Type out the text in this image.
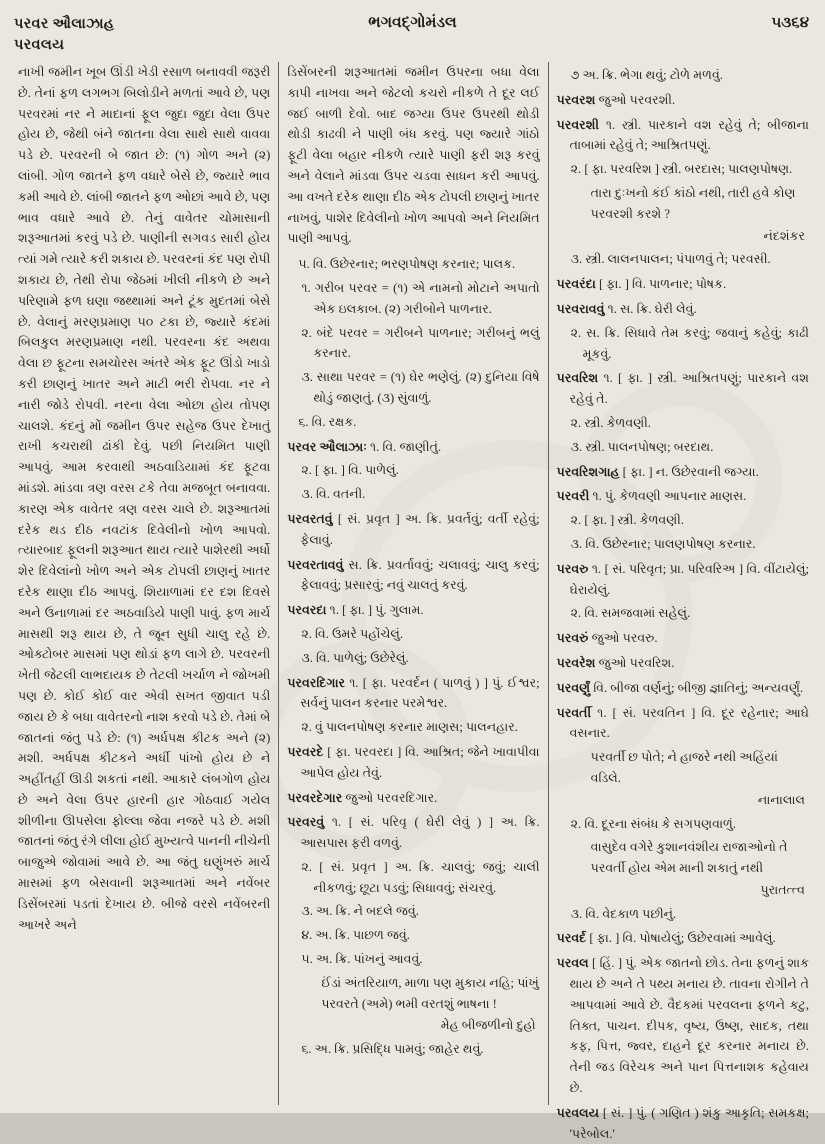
પરવર ઔલાઝાહ
પરવલય
ભગવદ્ગોમંડલ	૫૩૬૪

નાખી જમીન ખૂબ ઊંડી ખેડી રસાળ બનાવવી જરૂરી છે. તેનાં ફળ લગભગ બિલોડીને મળતાં આવે છે, પણ પરવરમાં નર ને માદાનાં ફૂલ જુદા જુદા વેલા ઉપર હોય છે, જેથી બંને જાતના વેલા સાથે સાથે વાવવા પડે છે. પરવરની બે જાત છે: (૧) ગોળ અને (૨) લાંબી. ગોળ જાતને ફળ વધારે બેસે છે, જ્યારે ભાવ કમી આવે છે. લાંબી જાતને ફળ ઓછાં આવે છે, પણ ભાવ વધારે આવે છે. તેનું વાવેતર ચોમાસાની શરૂઆતમાં કરવું પડે છે. પાણીની સગવડ સારી હોય ત્યાં ગમે ત્યારે કરી શકાય છે. પરવરનાં કંદ પણ રોપી શકાય છે, તેથી રોપા જેઠમાં ખીલી નીકળે છે અને પરિણામે ફળ ઘણા જથ્થામાં અને ટૂંક મુદતમાં બેસે છે. વેલાનું મરણપ્રમાણ ૫૦ ટકા છે, જ્યારે કંદમાં બિલકુલ મરણપ્રમાણ નથી. પરવરના કંદ અથવા વેલા છ ફૂટના સમચોરસ અંતરે એક ફૂટ ઊંડો ખાડો કરી છાણનું ખાતર અને માટી ભરી રોપવા. નર ને નારી જોડે રોપવી. નરના વેલા ઓછા હોય તોપણ ચાલશે. કંદનું મોં જમીન ઉપર સહેજ ઉપર દેખાતું રાખી કચરાથી ઢાંકી દેવું. પછી નિયમિત પાણી આપવું. આમ કરવાથી અઠવાડિયામાં કંદ ફૂટવા માંડશે. માંડવા ત્રણ વરસ ટકે તેવા મજબૂત બનાવવા. કારણ એક વાવેતર ત્રણ વરસ ચાલે છે. શરૂઆતમાં દરેક થડ દીઠ નવટાંક દિવેલીનો ખોળ આપવો. ત્યારબાદ ફૂલની શરૂઆત થાય ત્યારે પાશેરથી અર્ધો શેર દિવેલાંનો ખોળ અને એક ટોપલી છાણનું ખાતર દરેક થાણા દીઠ આપવું. શિયાળામાં દર દશ દિવસે અને ઉનાળામાં દર અઠવાડિયે પાણી પાવું. ફળ માર્ચ માસથી શરૂ થાય છે, તે જૂન સુધી ચાલુ રહે છે. ઓક્ટોબર માસમાં પણ થોડાં ફળ લાગે છે. પરવરની ખેતી જેટલી લાભદાયક છે તેટલી ખર્ચાળ ને જોખમી પણ છે. કોઈ કોઈ વાર એવી સખત જીવાત પડી જાય છે કે બધા વાવેતરનો નાશ કરવો પડે છે. તેમાં બે જાતનાં જંતુ પડે છે: (૧) અર્ધપક્ષ કીટક અને (૨) મશી. અર્ધપક્ષ કીટકને અર્ધી પાંખો હોય છે ને અહીંતહીં ઊડી શકતાં નથી. આકારે લંબગોળ હોય છે અને વેલા ઉપર હારની હાર ગોઠવાઈ ગયેલ શીળીના ઊપસેલા ફોલ્લા જેવા નજરે પડે છે. મશી જાતનાં જંતુ રંગે લીલા હોઈ મુખ્યત્વે પાનની નીચેની બાજુએ જોવામાં આવે છે. આ જંતુ ઘણુંખરું માર્ચ માસમાં ફળ બેસવાની શરૂઆતમાં અને નવેંબર ડિસેંબરમાં પડતાં દેખાય છે. બીજે વરસે નવેંબરની આખરે અને

ડિસેંબરની શરૂઆતમાં જમીન ઉપરના બધા વેલા કાપી નાખવા અને જેટલો કચરો નીકળે તે દૂર લઈ જઈ બાળી દેવો. બાદ જગ્યા ઉપર ઉપરથી થોડી થોડી કાઢવી ને પાણી બંધ કરવું. પણ જ્યારે ગાંઠો ફૂટી વેલા બહાર નીકળે ત્યારે પાણી ફરી શરૂ કરવું અને વેલાને માંડવા ઉપર ચડવા સાધન કરી આપવું. આ વખતે દરેક થાણા દીઠ એક ટોપલી છાણનું ખાતર નાખવું, પાશેર દિવેલીનો ખોળ આપવો અને નિયમિત પાણી આપવું.

૫. વિ. ઉછેરનાર; ભરણપોષણ કરનાર; પાલક.

૧. ગરીબ પરવર = (૧) એ નામનો મોટાને અપાતો એક ઇલકાબ. (૨) ગરીબોને પાળનાર.

૨. બંદે પરવર = ગરીબને પાળનાર; ગરીબનું ભલું કરનાર.

૩. સાથા પરવર = (૧) ઘેર ભણેલું. (૨) દુનિયા વિષે થોડું જાણતું. (૩) સુંવાળું.

૬. વિ. રક્ષક.

પરવર ઔલાઝાઃ ૧. વિ. જાણીતું.

૨. [ ફા. ] વિ. પાળેલું.

૩. વિ. વતની.

પરવરતવું [ સં. પ્રવૃત ] અ. ક્રિ. પ્રવર્તવું; વર્તી રહેવું; ફેલાવું.

પરવરતાવવું સ. ક્રિ. પ્રવર્તાવવું; ચલાવવું; ચાલુ કરવું; ફેલાવવું; પ્રસારવું; નવું ચાલતું કરવું.

પરવરદા ૧. [ ફા. ] પું. ગુલામ.

૨. વિ. ઉમરે પહોંચેલું.

૩. વિ. પાળેલું; ઉછેરેલું.

પરવરદિગાર ૧. [ ફા. પરવર્દન ( પાળવું ) ] પું. ઈશ્વર; સર્વનું પાલન કરનાર પરમેશ્વર.

૨. વું પાલનપોષણ કરનાર માણસ; પાલનહાર.

પરવરદે [ ફા. પરવરદા ] વિ. આશ્રિત; જેને ખાવાપીવા આપેલ હોય તેવું.

પરવરદેગાર જુઓ પરવરદિગાર.

પરવરવું ૧. [ સં. પરિવૃ ( ઘેરી લેવું ) ] અ. ક્રિ. આસપાસ ફરી વળવું.

૨. [ સં. પ્રવૃત ] અ. ક્રિ. ચાલવું; જવું; ચાલી નીકળવું; છૂટા પડવું; સિધાવવું; સંચરવું.

૩. અ. ક્રિ. ને બદલે જવું.

૪. અ. ક્રિ. પાછળ જવું.

૫. અ. ક્રિ. પાંખનું આવવું.

ઈંડાં અંતરિયાળ, માળા પણ મુકાય નહિ; પાંખું પરવરતે (અમે) ભમી વરતશું ભાષના !

મેહ બીજળીનો દુહો

૬. અ. ક્રિ. પ્રસિદ્ધિ પામવું; જાહેર થવું.

૭ અ. ક્રિ. ભેગા થવું; ટોળે મળવું.

પરવરશ જુઓ પરવરશી.

પરવરશી ૧. સ્ત્રી. પારકાને વશ રહેવું તે; બીજાના તાબામાં રહેવું તે; આશ્રિતપણું.

૨. [ ફા. પરવરિશ ] સ્ત્રી. બરદાસ; પાલણપોષણ.

તારા દુઃખનો કંઈ કાંઠો નથી, તારી હવે કોણ પરવરશી કરશે ?

નંદશંકર

૩. સ્ત્રી. લાલનપાલન; પંપાળવું તે; પરવસી.

પરવરંદા [ ફા. ] વિ. પાળનાર; પોષક.

પરવરાવવું ૧. સ. ક્રિ. ઘેરી લેવું.

૨. સ. ક્રિ. સિધાવે તેમ કરવું; જવાનું કહેવું; કાઢી મૂકવું.

પરવરિશ ૧. [ ફા. ] સ્ત્રી. આશ્રિતપણું; પારકાને વશ રહેવું તે.

૨. સ્ત્રી. કેળવણી.

૩. સ્ત્રી. પાલનપોષણ; બરદાથ.

પરવરિશગાહ [ ફા. ] ન. ઉછેરવાની જગ્યા.

પરવરી ૧. પું. કેળવણી આપનાર માણસ.

૨. [ ફા. ] સ્ત્રી. કેળવણી.

૩. વિ. ઉછેરનાર; પાલણપોષણ કરનાર.

પરવરુ ૧. [ સં. પરિવૃત; પ્રા. પરિવરિઅ ] વિ. વીંટાયેલું; ઘેરાયેલું.

૨. વિ. સમજવામાં સહેલું.

પરવરું જુઓ પરવરુ.

પરવરેશ જુઓ પરવરિશ.

પરવર્ણું વિ. બીજા વર્ણનું; બીજી જ્ઞાતિનું; અન્યવર્ણું.

પરવર્તી ૧. [ સં. પરવતિન ] વિ. દૂર રહેનાર; આઘે વસનાર.

પરવર્તી છ પોતે; ને હાજરે નથી અહિંયાં વડિલે.

નાનાલાલ

૨. વિ. દૂરના સંબંધ કે સગપણવાળું.

વાસુદેવ વગેરે કુશાનવંશીય રાજાઓનો તે પરવર્તી હોય એમ માની શકાતું નથી

પુરાતત્ત્વ

૩. વિ. વેદકાળ પછીનું.

પરવર્દ [ ફા. ] વિ. પોષાયેલું; ઉછેરવામાં આવેલું.

પરવલ [ હિં. ] પું. એક જાતનો છોડ. તેના ફળનું શાક થાય છે અને તે પથ્ય મનાય છે. તાવના રોગીને તે આપવામાં આવે છે. વૈદકમાં પરવલના ફળને કટુ, તિક્ત, પાચન. દીપક, વૃષ્ય, ઉષ્ણ, સાદક, તથા કફ, પિત્ત, જ્વર, દાહને દૂર કરનાર મનાય છે. તેની જડ વિરેચક અને પાન પિત્તનાશક કહેવાય છે.

પરવલય [ સં. ] પું. ( ગણિત ) શંકુ આકૃતિ; સમકક્ષ; 'પરેબોલ.'
